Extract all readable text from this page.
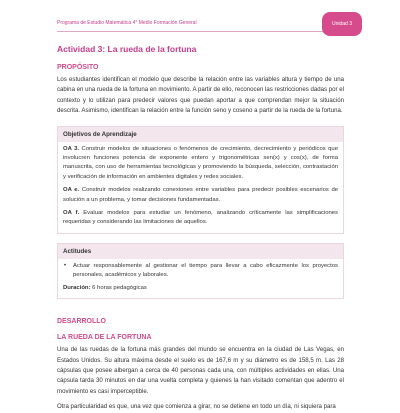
Programa de Estudio Matemática 4° Medio Formación General	Unidad 3
Actividad 3: La rueda de la fortuna
PROPÓSITO

Los estudiantes identifican el modelo que describe la relación entre las variables altura y tiempo de una cabina en una rueda de la fortuna en movimiento. A partir de ello, reconocen las restricciones dadas por el contexto y lo utilizan para predecir valores que puedan aportar a que comprendan mejor la situación descrita. Asimismo, identifican la relación entre la función seno y coseno a partir de la rueda de la fortuna.

Objetivos de Aprendizaje

OA 3. Construir modelos de situaciones o fenómenos de crecimiento, decrecimiento y periódicos que involucren funciones potencia de exponente entero y trigonométricas sen(x) y cos(x), de forma manuscrita, con uso de herramientas tecnológicas y promoviendo la búsqueda, selección, contrastación y verificación de información en ambientes digitales y redes sociales.

OA e. Construir modelos realizando conexiones entre variables para predecir posibles escenarios de solución a un problema, y tomar decisiones fundamentadas.

OA f. Evaluar modelos para estudiar un fenómeno, analizando críticamente las simplificaciones requeridas y considerando las limitaciones de aquellos.

Actitudes
• Actuar responsablemente al gestionar el tiempo para llevar a cabo eficazmente los proyectos personales, académicos y laborales.

Duración: 6 horas pedagógicas

DESARROLLO
LA RUEDA DE LA FORTUNA

Una de las ruedas de la fortuna más grandes del mundo se encuentra en la ciudad de Las Vegas, en Estados Unidos. Su altura máxima desde el suelo es de 167,6 m y su diámetro es de 158,5 m. Las 28 cápsulas que posee albergan a cerca de 40 personas cada una, con múltiples actividades en ellas. Una cápsula tarda 30 minutos en dar una vuelta completa y quienes la han visitado comentan que adentro el movimiento es casi imperceptible.

Otra particularidad es que, una vez que comienza a girar, no se detiene en todo un día, ni siquiera para
